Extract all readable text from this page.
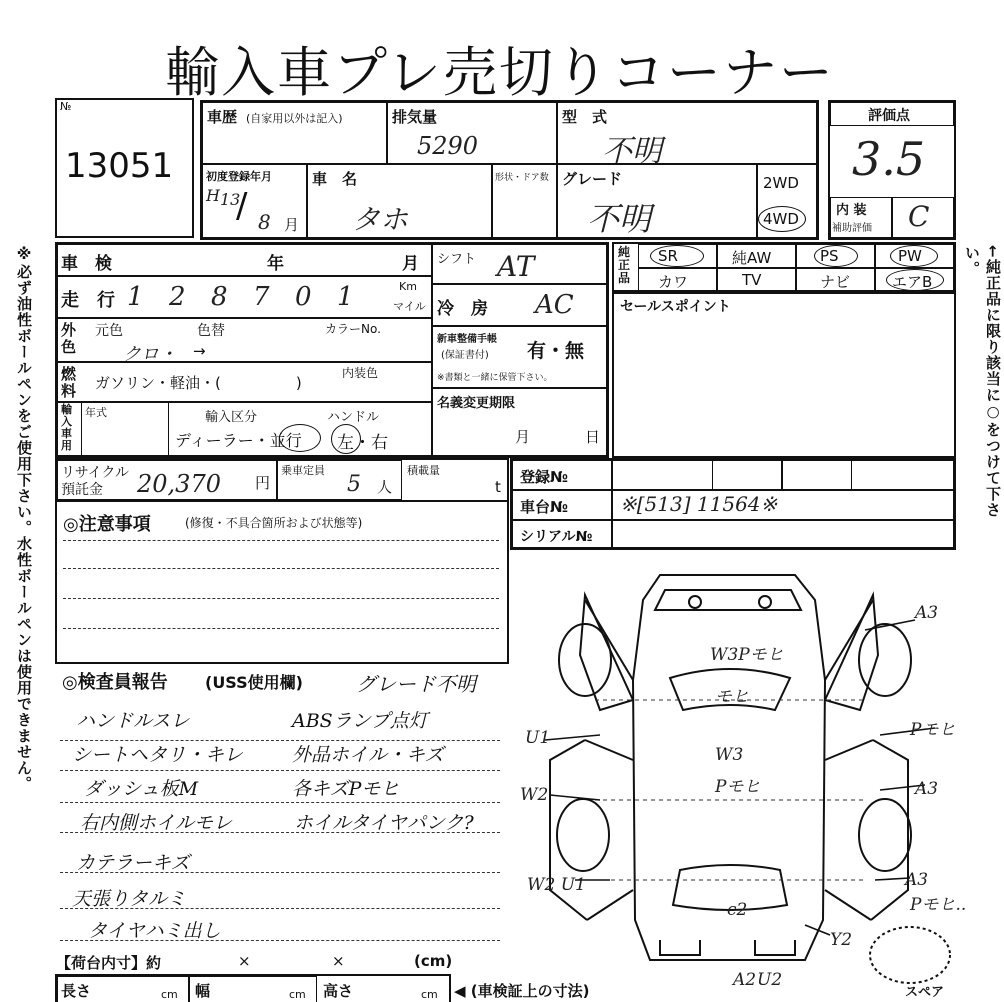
輸入車プレ売切りコーナー
※必ず油性ボールペンをご使用下さい。水性ボールペンは使用できません。	←純正品に限り該当に○をつけて下さい。
№
13051
車歴 (自家用以外は記入)	排気量
5290
型　式
不明
初度登録年月
H 13
/ 8 月
車　名
タホ
形状・ドア数 グレード
不明
2WD
4WD
評価点
3.5
内 装
補助評価 C
車　検	年	月 シフト AT
走　行 1 2 8 7 0 1	Km
マイル 冷　房 AC
外色
元色	色替	カラーNo.
クロ・ →
新車整備手帳
(保証書付) 有・無
※書類と一緒に保管下さい。
燃料 ガソリン・軽油・(　　　　　)
内装色
名義変更期限
月	日
輸入車用
年式	輸入区分
ディーラー・並行
ハンドル
左・右
純正品
SR	純AW	PS	PW
カワ	TV	ナビ	エアB
セールスポイント
リサイクル
預託金 20,370 円
乗車定員
5 人
積載量
t
登録№
車台№	※[513] 11564※
シリアル№
◎注意事項	(修復・不具合箇所および状態等)
◎検査員報告 (USS使用欄)	グレード不明
ハンドルスレ
シートヘタリ・キレ
ダッシュ板M
右内側ホイルモレ
カテラーキズ
天張りタルミ
タイヤハミ出し
ABSランプ点灯
外品ホイル・キズ
各キズPモヒ
ホイルタイヤパンク?
【荷台内寸】約	×	×	(cm)
長さ	cm 幅	cm 高さ	cm ◀ (車検証上の寸法)
A3
W3Pモヒ
モヒ
W3
Pモヒ
U1
W2
Pモヒ
A3
W2 U1	A3
Pモヒ..
c2
Y2
A2 U2
スペア
